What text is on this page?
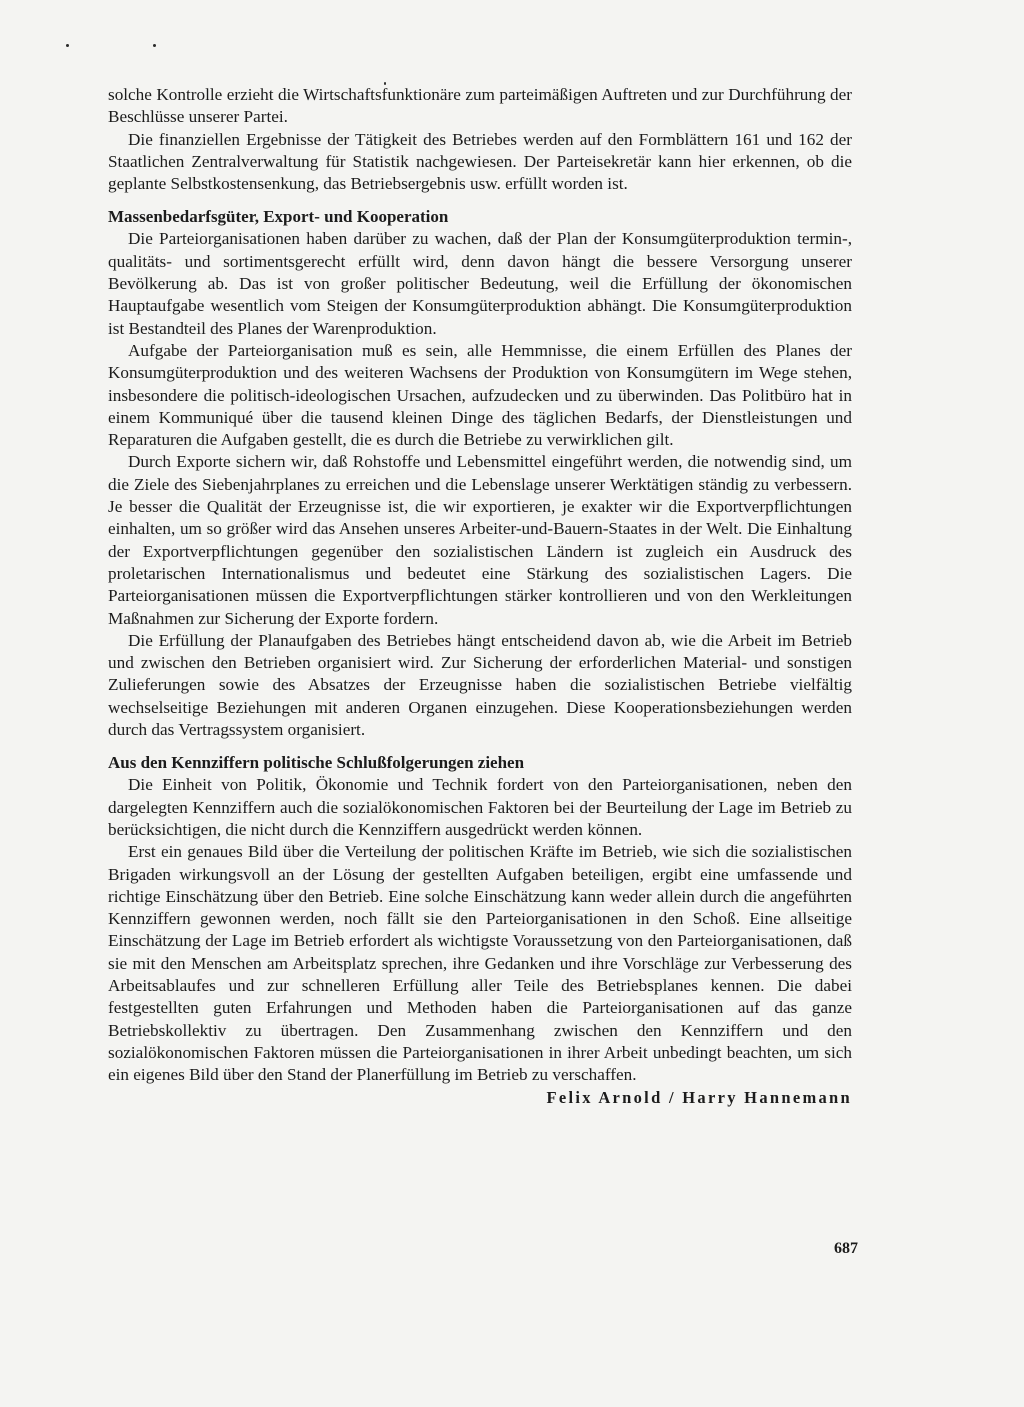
solche Kontrolle erzieht die Wirtschaftsfunktionäre zum parteimäßigen Auftreten und zur Durchführung der Beschlüsse unserer Partei.

Die finanziellen Ergebnisse der Tätigkeit des Betriebes werden auf den Formblättern 161 und 162 der Staatlichen Zentralverwaltung für Statistik nachgewiesen. Der Parteisekretär kann hier erkennen, ob die geplante Selbstkostensenkung, das Betriebsergebnis usw. erfüllt worden ist.

Massenbedarfsgüter, Export- und Kooperation

Die Parteiorganisationen haben darüber zu wachen, daß der Plan der Konsumgüterproduktion termin-, qualitäts- und sortimentsgerecht erfüllt wird, denn davon hängt die bessere Versorgung unserer Bevölkerung ab. Das ist von großer politischer Bedeutung, weil die Erfüllung der ökonomischen Hauptaufgabe wesentlich vom Steigen der Konsumgüterproduktion abhängt. Die Konsumgüterproduktion ist Bestandteil des Planes der Warenproduktion.

Aufgabe der Parteiorganisation muß es sein, alle Hemmnisse, die einem Erfüllen des Planes der Konsumgüterproduktion und des weiteren Wachsens der Produktion von Konsumgütern im Wege stehen, insbesondere die politisch-ideologischen Ursachen, aufzudecken und zu überwinden. Das Politbüro hat in einem Kommuniqué über die tausend kleinen Dinge des täglichen Bedarfs, der Dienstleistungen und Reparaturen die Aufgaben gestellt, die es durch die Betriebe zu verwirklichen gilt.

Durch Exporte sichern wir, daß Rohstoffe und Lebensmittel eingeführt werden, die notwendig sind, um die Ziele des Siebenjahrplanes zu erreichen und die Lebenslage unserer Werktätigen ständig zu verbessern. Je besser die Qualität der Erzeugnisse ist, die wir exportieren, je exakter wir die Exportverpflichtungen einhalten, um so größer wird das Ansehen unseres Arbeiter-und-Bauern-Staates in der Welt. Die Einhaltung der Exportverpflichtungen gegenüber den sozialistischen Ländern ist zugleich ein Ausdruck des proletarischen Internationalismus und bedeutet eine Stärkung des sozialistischen Lagers. Die Parteiorganisationen müssen die Exportverpflichtungen stärker kontrollieren und von den Werkleitungen Maßnahmen zur Sicherung der Exporte fordern.

Die Erfüllung der Planaufgaben des Betriebes hängt entscheidend davon ab, wie die Arbeit im Betrieb und zwischen den Betrieben organisiert wird. Zur Sicherung der erforderlichen Material- und sonstigen Zulieferungen sowie des Absatzes der Erzeugnisse haben die sozialistischen Betriebe vielfältig wechselseitige Beziehungen mit anderen Organen einzugehen. Diese Kooperationsbeziehungen werden durch das Vertragssystem organisiert.

Aus den Kennziffern politische Schlußfolgerungen ziehen

Die Einheit von Politik, Ökonomie und Technik fordert von den Parteiorganisationen, neben den dargelegten Kennziffern auch die sozialökonomischen Faktoren bei der Beurteilung der Lage im Betrieb zu berücksichtigen, die nicht durch die Kennziffern ausgedrückt werden können.

Erst ein genaues Bild über die Verteilung der politischen Kräfte im Betrieb, wie sich die sozialistischen Brigaden wirkungsvoll an der Lösung der gestellten Aufgaben beteiligen, ergibt eine umfassende und richtige Einschätzung über den Betrieb. Eine solche Einschätzung kann weder allein durch die angeführten Kennziffern gewonnen werden, noch fällt sie den Parteiorganisationen in den Schoß. Eine allseitige Einschätzung der Lage im Betrieb erfordert als wichtigste Voraussetzung von den Parteiorganisationen, daß sie mit den Menschen am Arbeitsplatz sprechen, ihre Gedanken und ihre Vorschläge zur Verbesserung des Arbeitsablaufes und zur schnelleren Erfüllung aller Teile des Betriebsplanes kennen. Die dabei festgestellten guten Erfahrungen und Methoden haben die Parteiorganisationen auf das ganze Betriebskollektiv zu übertragen. Den Zusammenhang zwischen den Kennziffern und den sozialökonomischen Faktoren müssen die Parteiorganisationen in ihrer Arbeit unbedingt beachten, um sich ein eigenes Bild über den Stand der Planerfüllung im Betrieb zu verschaffen.

Felix Arnold / Harry Hannemann

687
